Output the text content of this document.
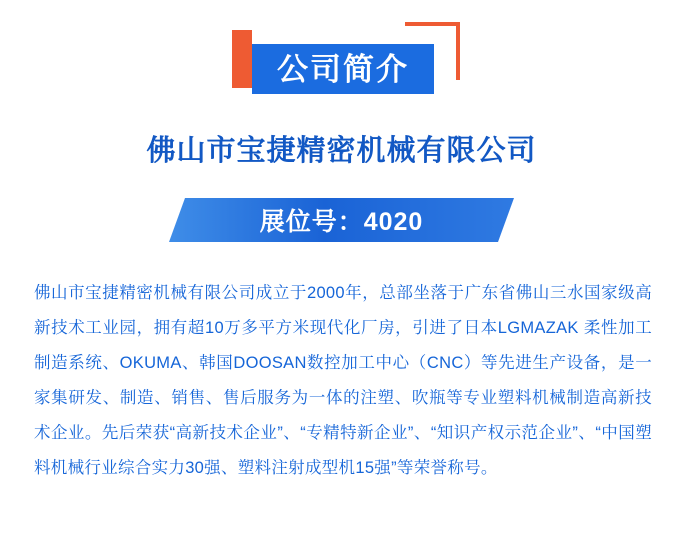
公司简介
佛山市宝捷精密机械有限公司
展位号：4020
佛山市宝捷精密机械有限公司成立于2000年，总部坐落于广东省佛山三水国家级高新技术工业园，拥有超10万多平方米现代化厂房，引进了日本LGMAZAK 柔性加工制造系统、OKUMA、韩国DOOSAN数控加工中心（CNC）等先进生产设备，是一家集研发、制造、销售、售后服务为一体的注塑、吹瓶等专业塑料机械制造高新技术企业。先后荣获“高新技术企业”、“专精特新企业”、“知识产权示范企业”、“中国塑料机械行业综合实力30强、塑料注射成型机15强”等荣誉称号。
